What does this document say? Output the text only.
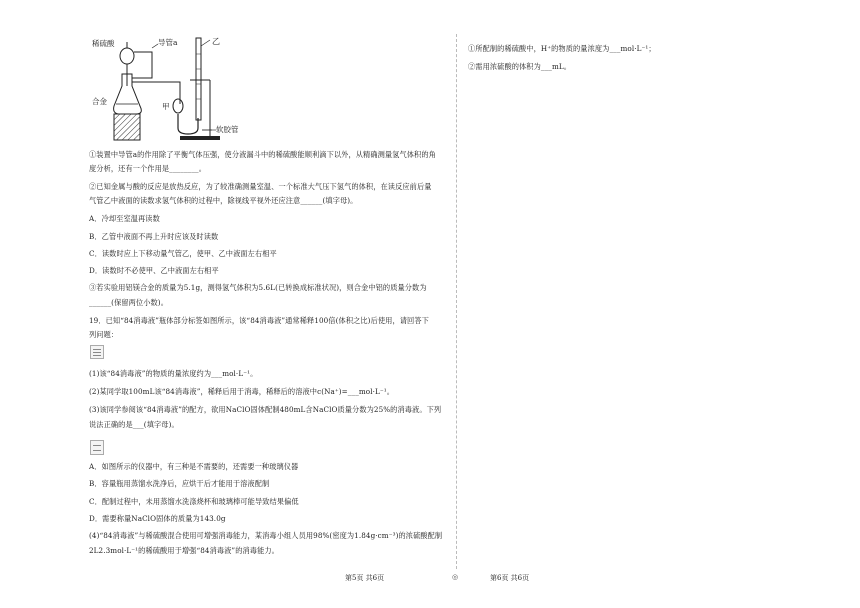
稀硫酸	导管a	乙
合金
甲
软胶管
①装置中导管a的作用除了平衡气体压强，使分液漏斗中的稀硫酸能顺利滴下以外，从精确测量氢气体积的角
度分析，还有一个作用是________。
②已知金属与酸的反应是放热反应，为了较准确测量室温、一个标准大气压下氢气的体积，在读反应前后量
气管乙中液面的读数求氢气体积的过程中，除视线平视外还应注意______(填字母)。
A．冷却至室温再读数
B．乙管中液面不再上升时应该及时读数
C．读数时应上下移动量气管乙，使甲、乙中液面左右相平
D．读数时不必使甲、乙中液面左右相平
③若实验用铝镁合金的质量为5.1g，测得氢气体积为5.6L(已转换成标准状况)，则合金中铝的质量分数为
______(保留两位小数)。
19．已知“84消毒液”瓶体部分标签如图所示，该“84消毒液”通常稀释100倍(体积之比)后使用，请回答下
列问题：
(1)该“84消毒液”的物质的量浓度约为___mol·L⁻¹。
(2)某同学取100mL该“84消毒液”，稀释后用于消毒，稀释后的溶液中c(Na⁺)=___mol·L⁻¹。
(3)该同学参阅该“84消毒液”的配方，欲用NaClO固体配制480mL含NaClO质量分数为25%的消毒液。下列
说法正确的是___(填字母)。
A．如图所示的仪器中，有三种是不需要的，还需要一种玻璃仪器
B．容量瓶用蒸馏水洗净后，应烘干后才能用于溶液配制
C．配制过程中，未用蒸馏水洗涤烧杯和玻璃棒可能导致结果偏低
D．需要称量NaClO固体的质量为143.0g
(4)“84消毒液”与稀硫酸混合使用可增强消毒能力，某消毒小组人员用98%(密度为1.84g·cm⁻³)的浓硫酸配制
2L2.3mol·L⁻¹的稀硫酸用于增强“84消毒液”的消毒能力。
①所配制的稀硫酸中，H⁺的物质的量浓度为___mol·L⁻¹；
②需用浓硫酸的体积为___mL。
第5页 共6页	◎	第6页 共6页
